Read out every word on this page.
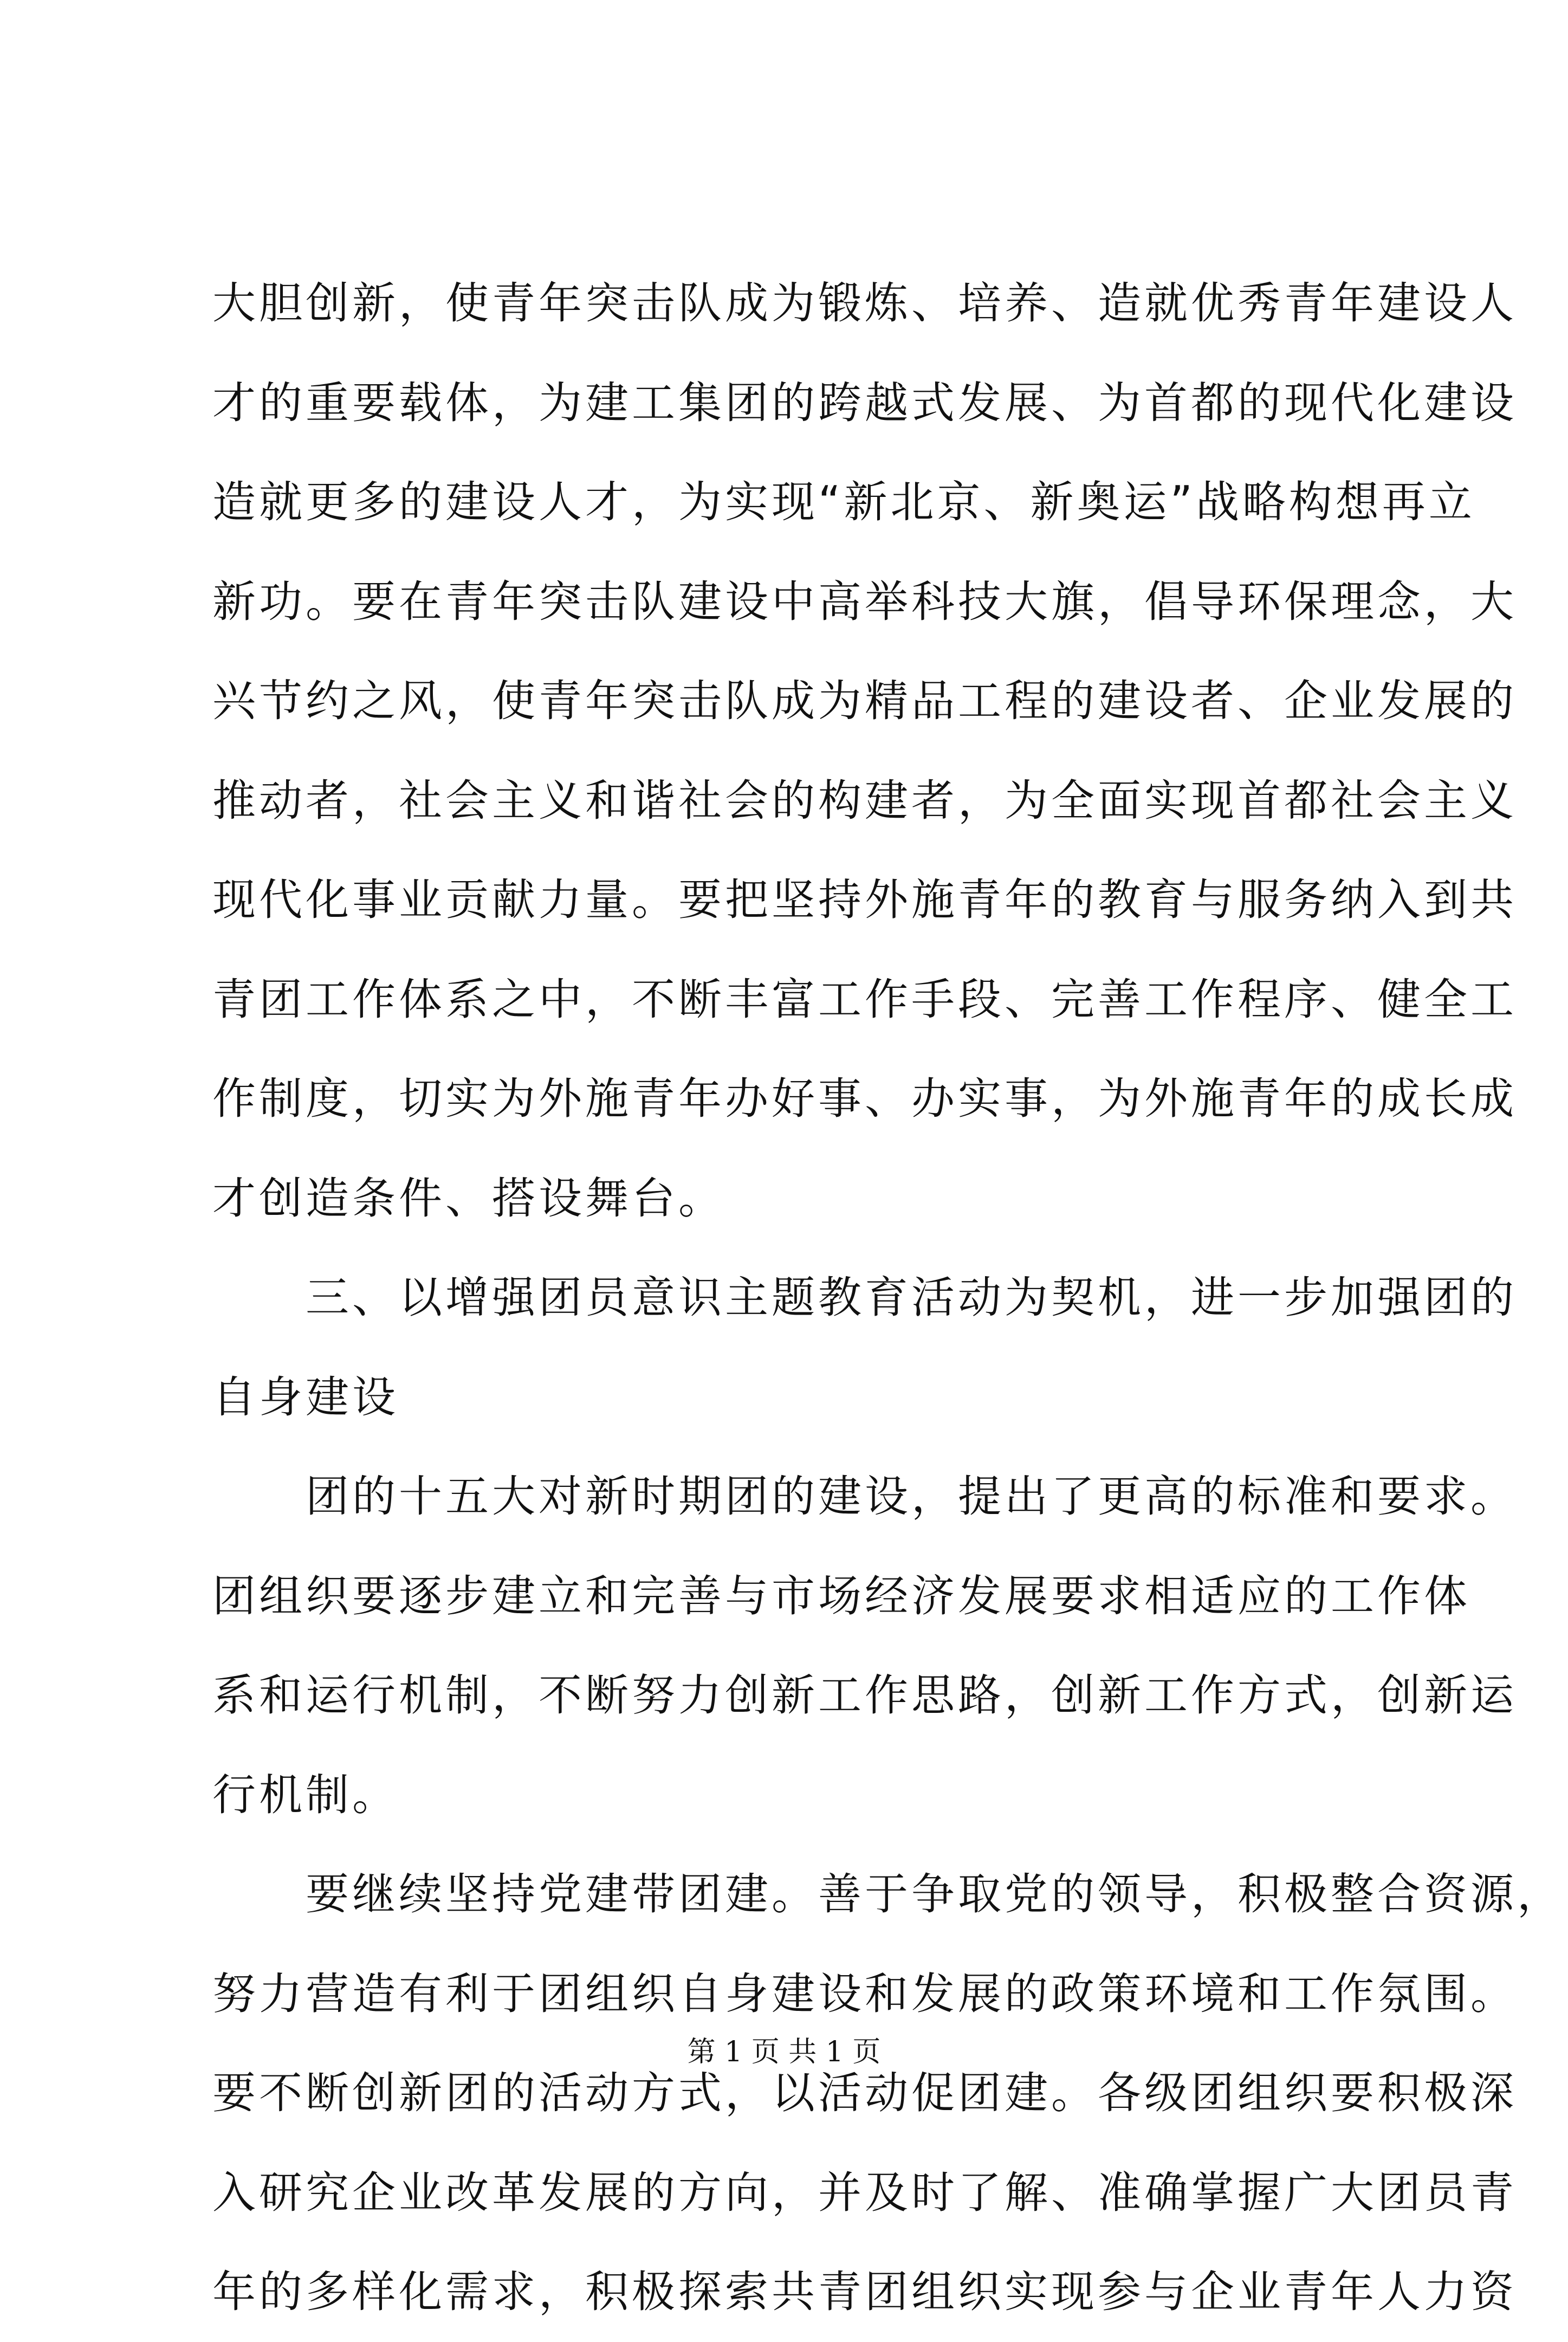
大胆创新，使青年突击队成为锻炼、培养、造就优秀青年建设人
才的重要载体，为建工集团的跨越式发展、为首都的现代化建设
造就更多的建设人才，为实现“新北京、新奥运”战略构想再立
新功。要在青年突击队建设中高举科技大旗，倡导环保理念，大
兴节约之风，使青年突击队成为精品工程的建设者、企业发展的
推动者，社会主义和谐社会的构建者，为全面实现首都社会主义
现代化事业贡献力量。要把坚持外施青年的教育与服务纳入到共
青团工作体系之中，不断丰富工作手段、完善工作程序、健全工
作制度，切实为外施青年办好事、办实事，为外施青年的成长成
才创造条件、搭设舞台。
三、以增强团员意识主题教育活动为契机，进一步加强团的
自身建设
团的十五大对新时期团的建设，提出了更高的标准和要求。
团组织要逐步建立和完善与市场经济发展要求相适应的工作体
系和运行机制，不断努力创新工作思路，创新工作方式，创新运
行机制。
要继续坚持党建带团建。善于争取党的领导，积极整合资源，
努力营造有利于团组织自身建设和发展的政策环境和工作氛围。
要不断创新团的活动方式，以活动促团建。各级团组织要积极深
入研究企业改革发展的方向，并及时了解、准确掌握广大团员青
年的多样化需求，积极探索共青团组织实现参与企业青年人力资
第 1 页 共 1 页
